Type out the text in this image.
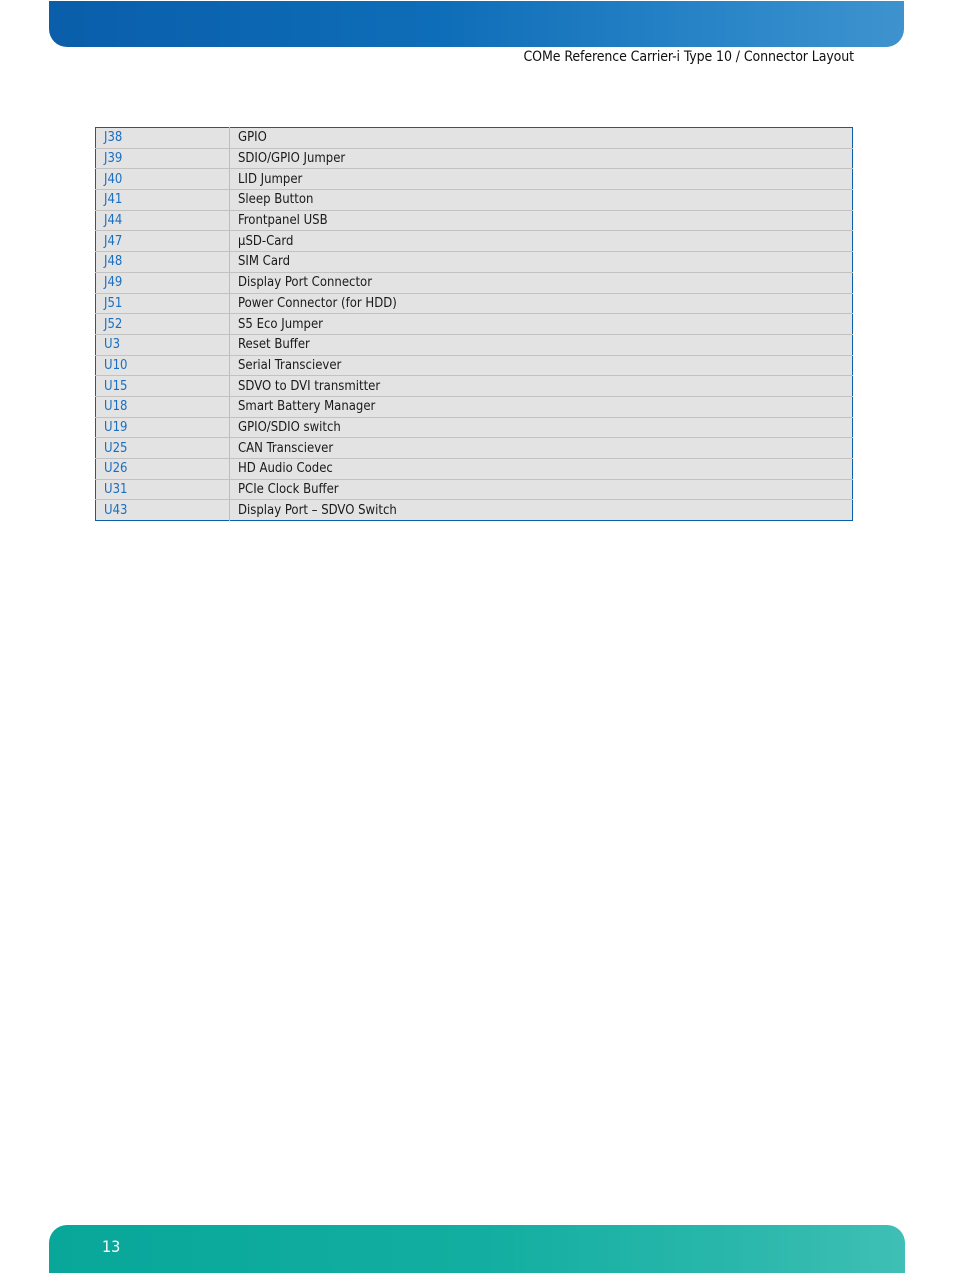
COMe Reference Carrier-i Type 10 / Connector Layout
J38	GPIO
J39	SDIO/GPIO Jumper
J40	LID Jumper
J41	Sleep Button
J44	Frontpanel USB
J47	µSD-Card
J48	SIM Card
J49	Display Port Connector
J51	Power Connector (for HDD)
J52	S5 Eco Jumper
U3	Reset Buffer
U10	Serial Transciever
U15	SDVO to DVI transmitter
U18	Smart Battery Manager
U19	GPIO/SDIO switch
U25	CAN Transciever
U26	HD Audio Codec
U31	PCIe Clock Buffer
U43	Display Port – SDVO Switch
13
